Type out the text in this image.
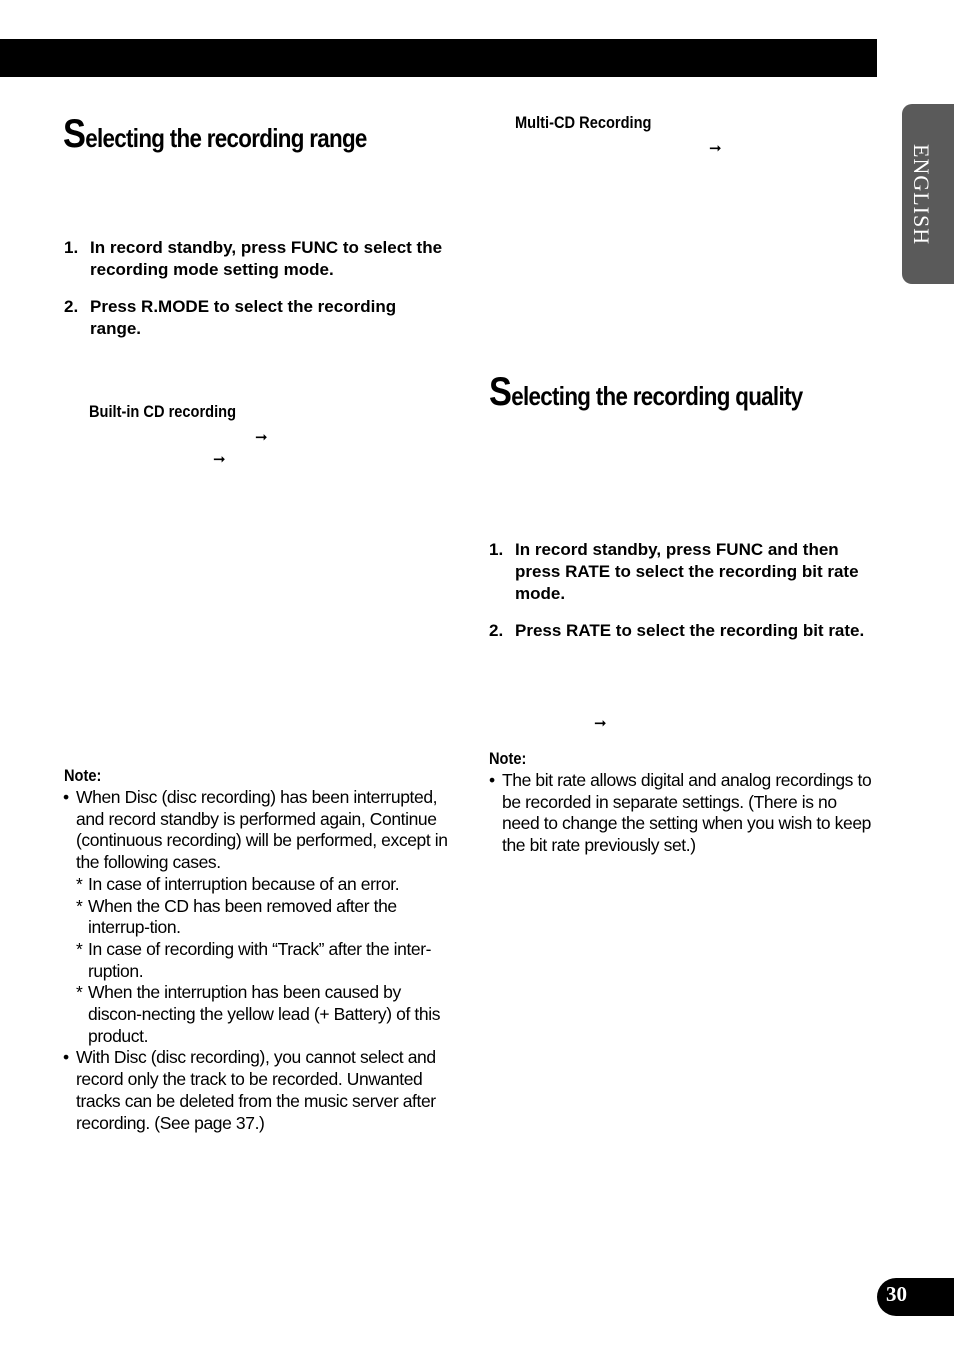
ENGLISH
Selecting the recording range
1. In record standby, press FUNC to select the recording mode setting mode.
2. Press R.MODE to select the recording range.
Built-in CD recording
➞
➞
Note:
• When Disc (disc recording) has been interrupted, and record standby is performed again, Continue (continuous recording) will be performed, except in the following cases.
* In case of interruption because of an error.
* When the CD has been removed after the interrup-tion.
* In case of recording with “Track” after the inter-ruption.
* When the interruption has been caused by discon-necting the yellow lead (+ Battery) of this product.
• With Disc (disc recording), you cannot select and record only the track to be recorded. Unwanted tracks can be deleted from the music server after recording. (See page 37.)
Multi-CD Recording
➞
Selecting the recording quality
1. In record standby, press FUNC and then press RATE to select the recording bit rate mode.
2. Press RATE to select the recording bit rate.
➞
Note:
• The bit rate allows digital and analog recordings to be recorded in separate settings. (There is no need to change the setting when you wish to keep the bit rate previously set.)
30
